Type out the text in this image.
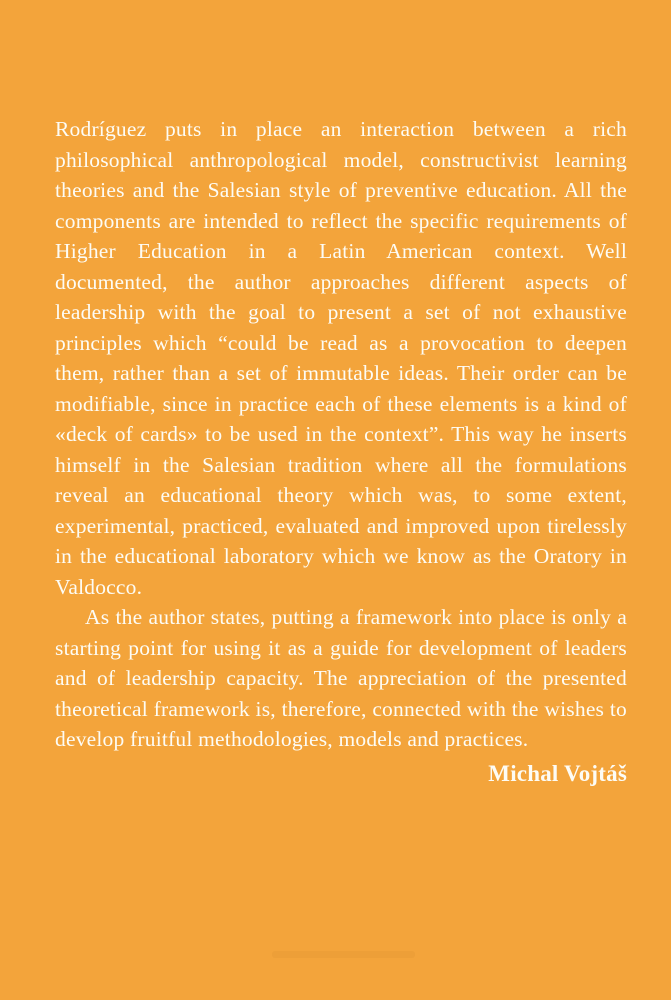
Rodríguez puts in place an interaction between a rich philosophical anthropological model, constructivist learning theories and the Salesian style of preventive education. All the components are intended to reflect the specific requirements of Higher Education in a Latin American context. Well documented, the author approaches different aspects of leadership with the goal to present a set of not exhaustive principles which “could be read as a provocation to deepen them, rather than a set of immutable ideas. Their order can be modifiable, since in practice each of these elements is a kind of «deck of cards» to be used in the context”. This way he inserts himself in the Salesian tradition where all the formulations reveal an educational theory which was, to some extent, experimental, practiced, evaluated and improved upon tirelessly in the educational laboratory which we know as the Oratory in Valdocco.

As the author states, putting a framework into place is only a starting point for using it as a guide for development of leaders and of leadership capacity. The appreciation of the presented theoretical framework is, therefore, connected with the wishes to develop fruitful methodologies, models and practices.

Michal Vojtáš
